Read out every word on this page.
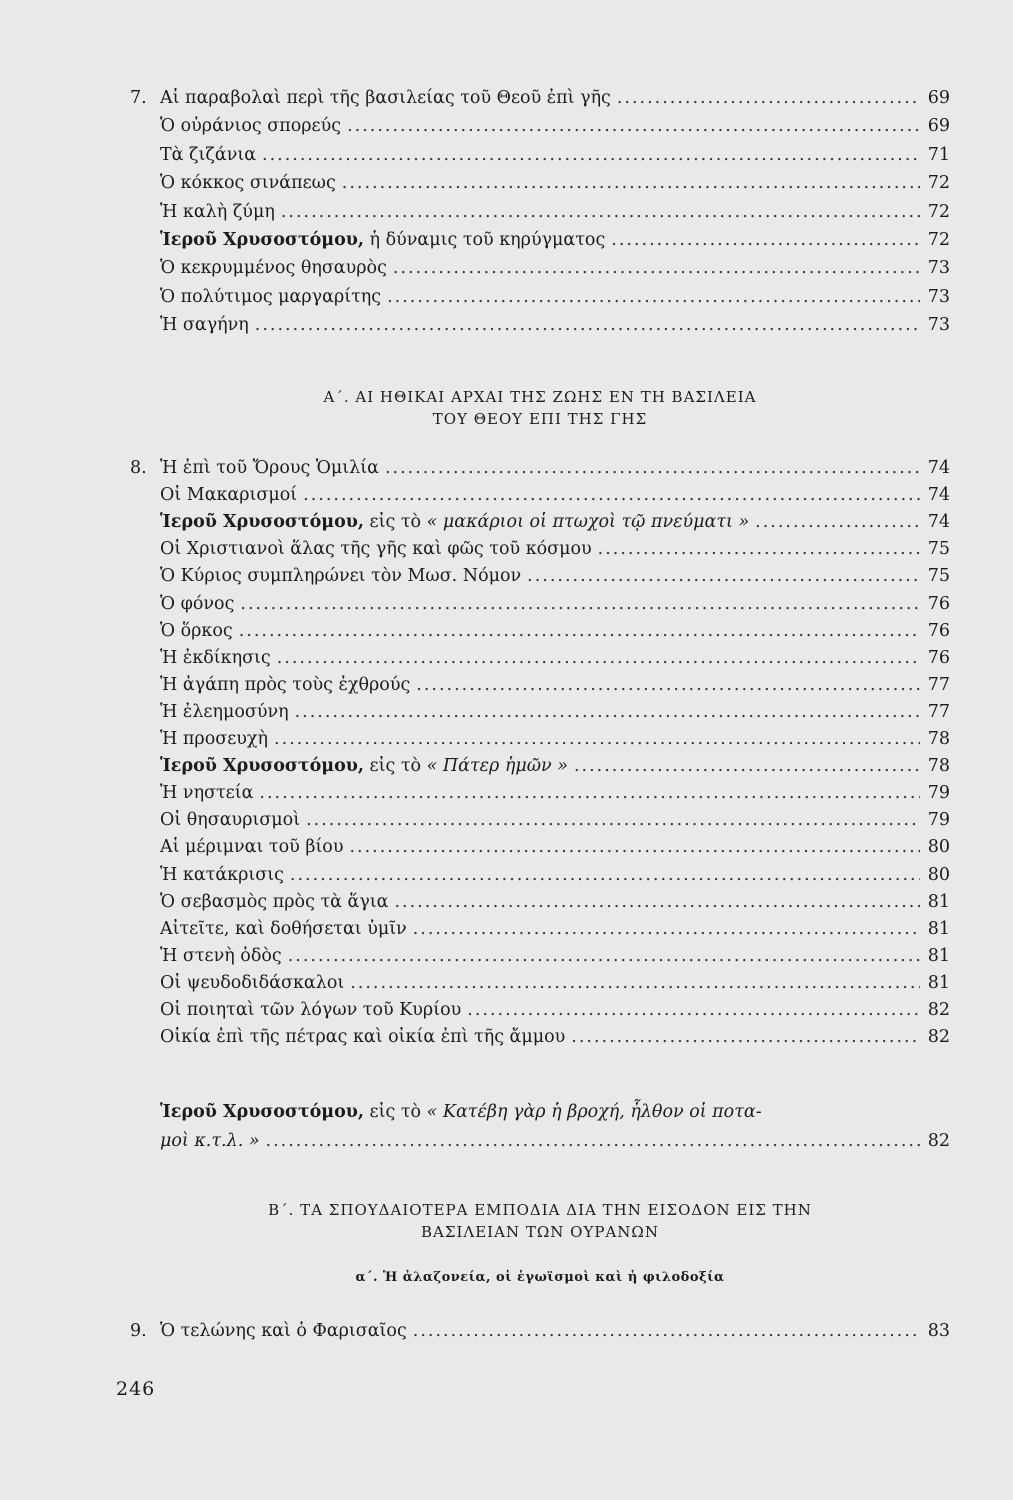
7. Αἱ παραβολαὶ περὶ τῆς βασιλείας τοῦ Θεοῦ ἐπὶ γῆς .....	69
Ὁ οὐράνιος σπορεύς .....	69
Τὰ ζιζάνια .....	71
Ὁ κόκκος σινάπεως .....	72
Ἡ καλὴ ζύμη .....	72
Ἱεροῦ Χρυσοστόμου, ἡ δύναμις τοῦ κηρύγματος .....	72
Ὁ κεκρυμμένος θησαυρὸς .....	73
Ὁ πολύτιμος μαργαρίτης .....	73
Ἡ σαγήνη .....	73
Α΄. ΑΙ ΗΘΙΚΑΙ ΑΡΧΑΙ ΤΗΣ ΖΩΗΣ ΕΝ ΤΗ ΒΑΣΙΛΕΙΑ
ΤΟΥ ΘΕΟΥ ΕΠΙ ΤΗΣ ΓΗΣ
8. Ἡ ἐπὶ τοῦ Ὄρους Ὁμιλία .....	74
Οἱ Μακαρισμοί .....	74
Ἱεροῦ Χρυσοστόμου, εἰς τὸ « μακάριοι οἱ πτωχοὶ τῷ πνεύματι » .....	74
Οἱ Χριστιανοὶ ἅλας τῆς γῆς καὶ φῶς τοῦ κόσμου .....	75
Ὁ Κύριος συμπληρώνει τὸν Μωσ. Νόμον .....	75
Ὁ φόνος .....	76
Ὁ ὅρκος .....	76
Ἡ ἐκδίκησις .....	76
Ἡ ἀγάπη πρὸς τοὺς ἐχθρούς .....	77
Ἡ ἐλεημοσύνη .....	77
Ἡ προσευχὴ .....	78
Ἱεροῦ Χρυσοστόμου, εἰς τὸ « Πάτερ ἡμῶν » .....	78
Ἡ νηστεία .....	79
Οἱ θησαυρισμοὶ .....	79
Αἱ μέριμναι τοῦ βίου .....	80
Ἡ κατάκρισις .....	80
Ὁ σεβασμὸς πρὸς τὰ ἅγια .....	81
Αἰτεῖτε, καὶ δοθήσεται ὑμῖν .....	81
Ἡ στενὴ ὁδὸς .....	81
Οἱ ψευδοδιδάσκαλοι .....	81
Οἱ ποιηταὶ τῶν λόγων τοῦ Κυρίου .....	82
Οἰκία ἐπὶ τῆς πέτρας καὶ οἰκία ἐπὶ τῆς ἄμμου .....	82
Ἱεροῦ Χρυσοστόμου, εἰς τὸ « Κατέβη γὰρ ἡ βροχή, ἦλθον οἱ ποτα-
μοὶ κ.τ.λ. » .....	82
Β΄. ΤΑ ΣΠΟΥΔΑΙΟΤΕΡΑ ΕΜΠΟΔΙΑ ΔΙΑ ΤΗΝ ΕΙΣΟΔΟΝ ΕΙΣ ΤΗΝ
ΒΑΣΙΛΕΙΑΝ ΤΩΝ ΟΥΡΑΝΩΝ
α΄. Ἡ ἀλαζονεία, οἱ ἐγωϊσμοὶ καὶ ἡ φιλοδοξία
9. Ὁ τελώνης καὶ ὁ Φαρισαῖος .....	83
246
